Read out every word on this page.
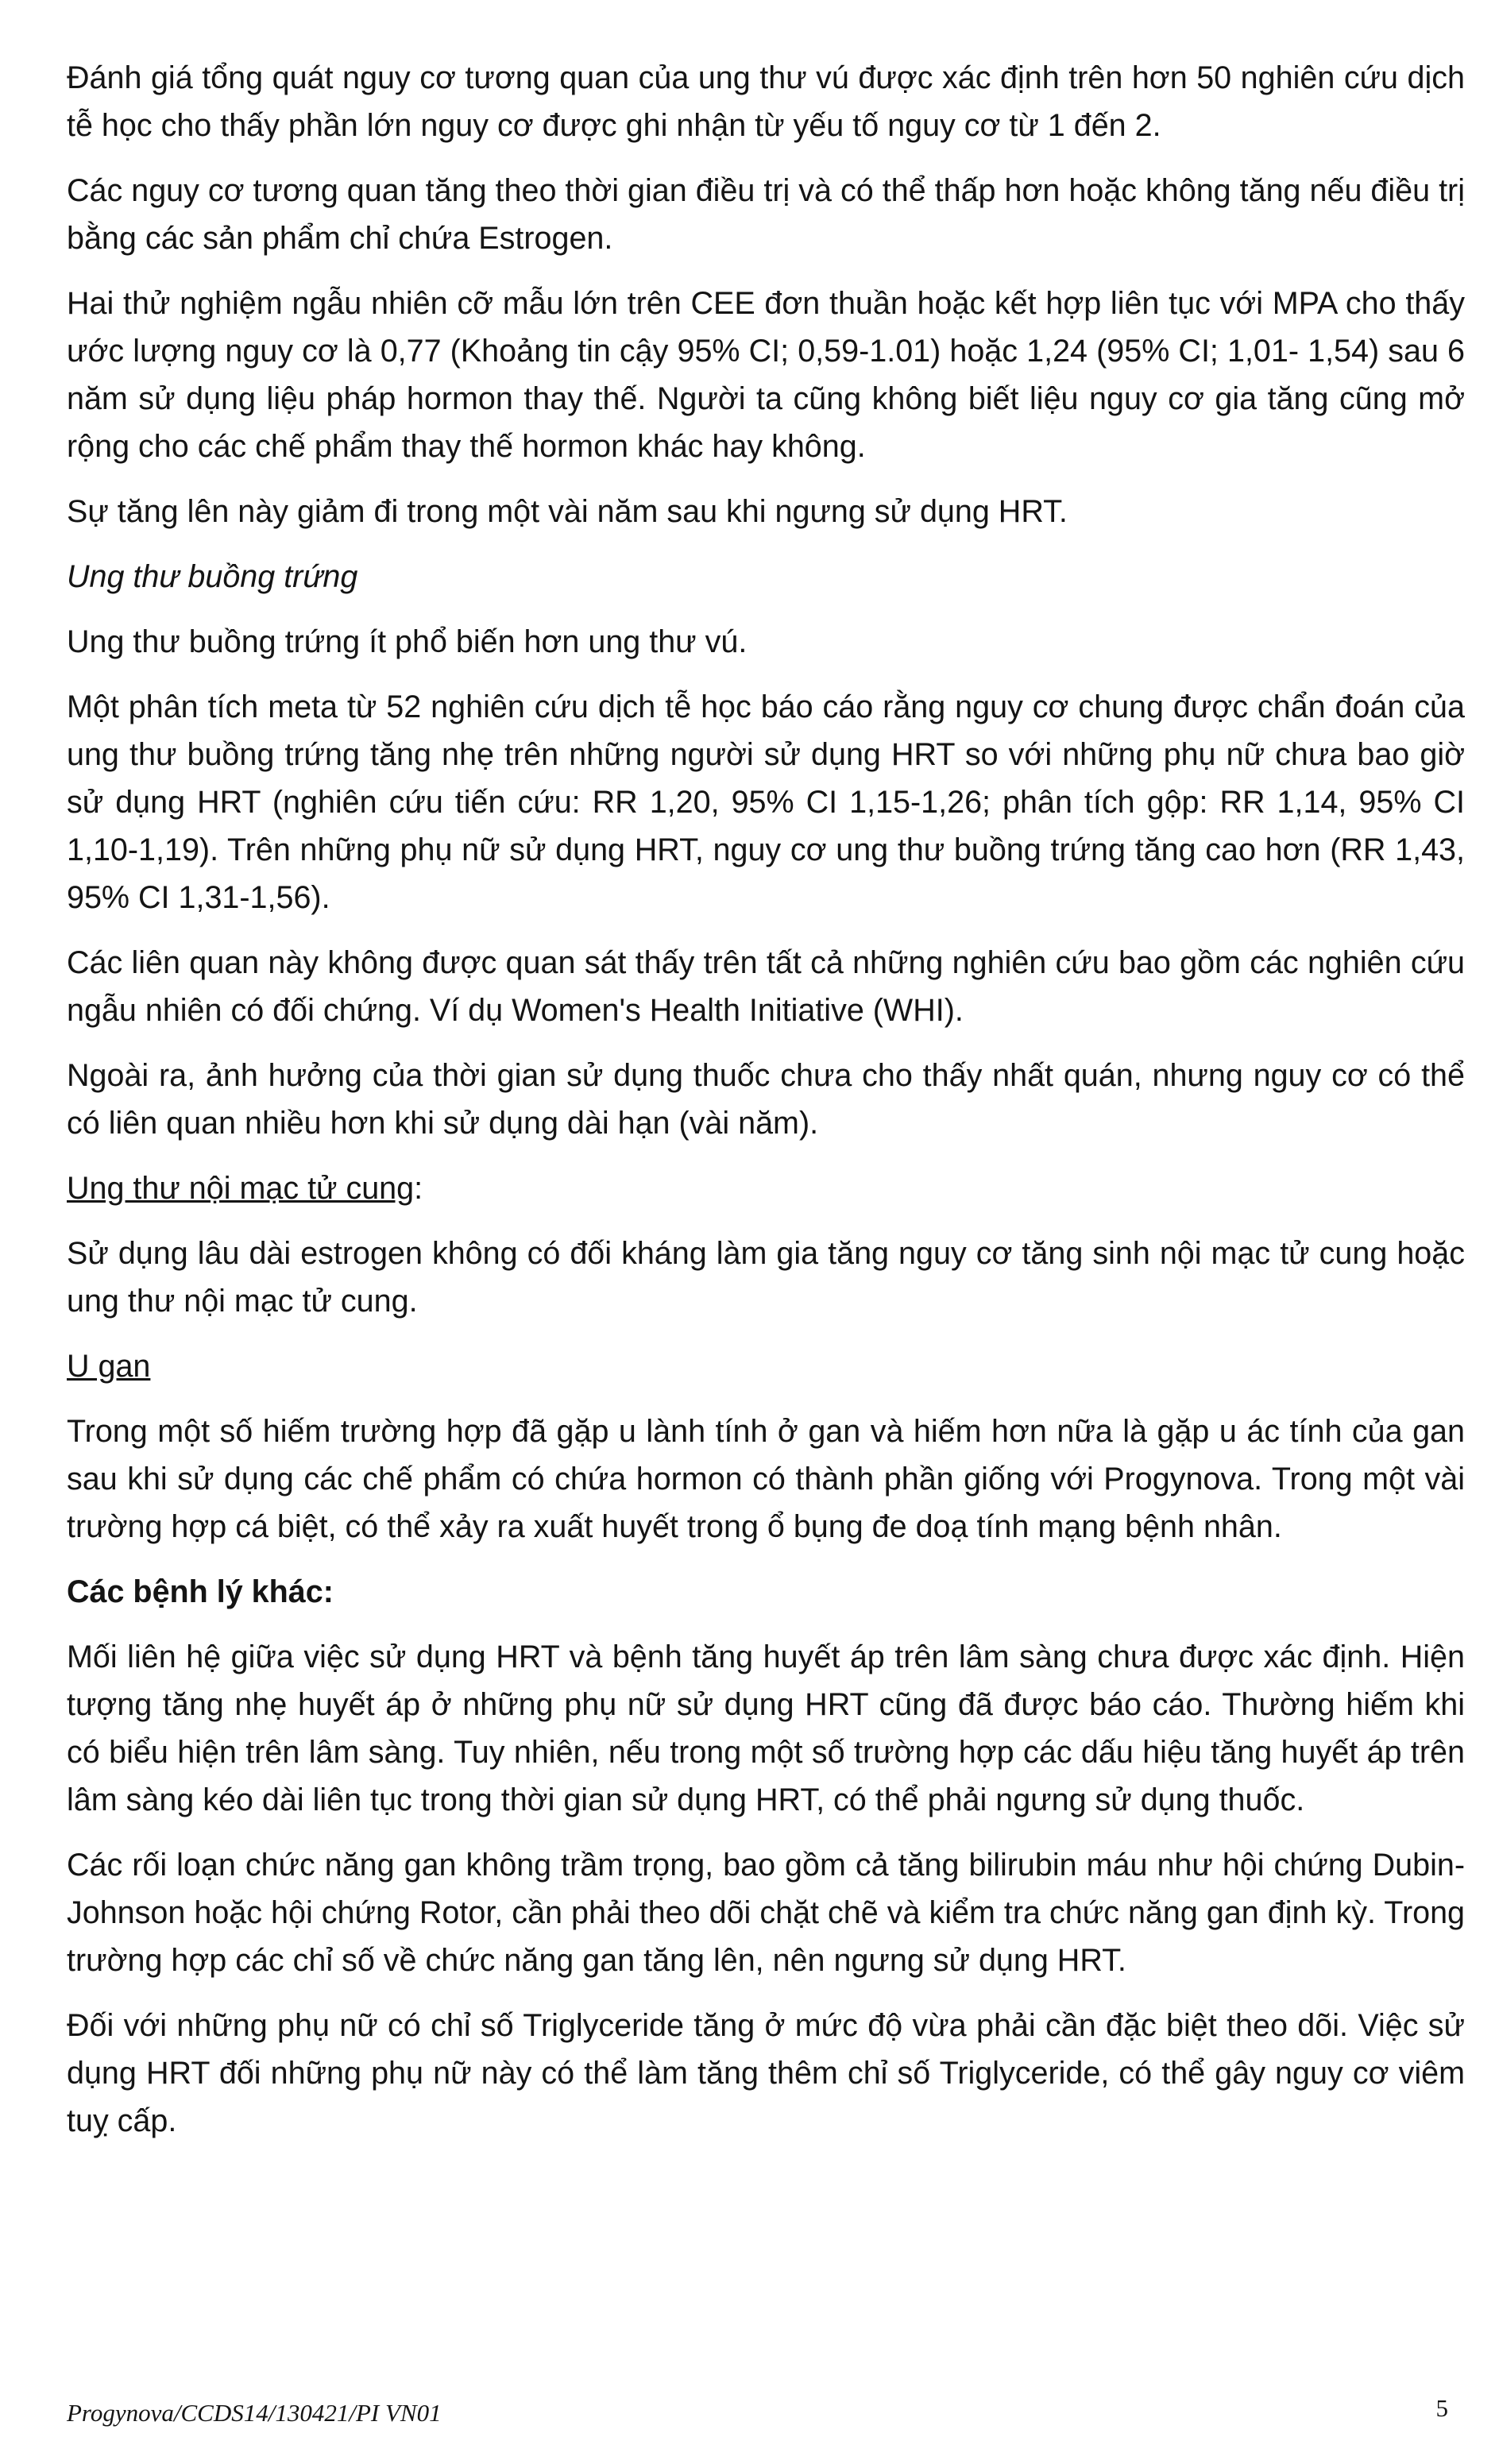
Đánh giá tổng quát nguy cơ tương quan của ung thư vú được xác định trên hơn 50 nghiên cứu dịch tễ học cho thấy phần lớn nguy cơ được ghi nhận từ yếu tố nguy cơ từ 1 đến 2.

Các nguy cơ tương quan tăng theo thời gian điều trị và có thể thấp hơn hoặc không tăng nếu điều trị bằng các sản phẩm chỉ chứa Estrogen.

Hai thử nghiệm ngẫu nhiên cỡ mẫu lớn trên CEE đơn thuần hoặc kết hợp liên tục với MPA cho thấy ước lượng nguy cơ là 0,77 (Khoảng tin cậy 95% CI; 0,59-1.01) hoặc 1,24 (95% CI; 1,01- 1,54) sau 6 năm sử dụng liệu pháp hormon thay thế. Người ta cũng không biết liệu nguy cơ gia tăng cũng mở rộng cho các chế phẩm thay thế hormon khác hay không.

Sự tăng lên này giảm đi trong một vài năm sau khi ngưng sử dụng HRT.

Ung thư buồng trứng

Ung thư buồng trứng ít phổ biến hơn ung thư vú.

Một phân tích meta từ 52 nghiên cứu dịch tễ học báo cáo rằng nguy cơ chung được chẩn đoán của ung thư buồng trứng tăng nhẹ trên những người sử dụng HRT so với những phụ nữ chưa bao giờ sử dụng HRT (nghiên cứu tiến cứu: RR 1,20, 95% CI 1,15-1,26; phân tích gộp: RR 1,14, 95% CI 1,10-1,19). Trên những phụ nữ sử dụng HRT, nguy cơ ung thư buồng trứng tăng cao hơn (RR 1,43, 95% CI 1,31-1,56).

Các liên quan này không được quan sát thấy trên tất cả những nghiên cứu bao gồm các nghiên cứu ngẫu nhiên có đối chứng. Ví dụ Women's Health Initiative (WHI).

Ngoài ra, ảnh hưởng của thời gian sử dụng thuốc chưa cho thấy nhất quán, nhưng nguy cơ có thể có liên quan nhiều hơn khi sử dụng dài hạn (vài năm).

Ung thư nội mạc tử cung:

Sử dụng lâu dài estrogen không có đối kháng làm gia tăng nguy cơ tăng sinh nội mạc tử cung hoặc ung thư nội mạc tử cung.

U gan

Trong một số hiếm trường hợp đã gặp u lành tính ở gan và hiếm hơn nữa là gặp u ác tính của gan sau khi sử dụng các chế phẩm có chứa hormon có thành phần giống với Progynova. Trong một vài trường hợp cá biệt, có thể xảy ra xuất huyết trong ổ bụng đe doạ tính mạng bệnh nhân.

Các bệnh lý khác:

Mối liên hệ giữa việc sử dụng HRT và bệnh tăng huyết áp trên lâm sàng chưa được xác định. Hiện tượng tăng nhẹ huyết áp ở những phụ nữ sử dụng HRT cũng đã được báo cáo. Thường hiếm khi có biểu hiện trên lâm sàng. Tuy nhiên, nếu trong một số trường hợp các dấu hiệu tăng huyết áp trên lâm sàng kéo dài liên tục trong thời gian sử dụng HRT, có thể phải ngưng sử dụng thuốc.

Các rối loạn chức năng gan không trầm trọng, bao gồm cả tăng bilirubin máu như hội chứng Dubin- Johnson hoặc hội chứng Rotor, cần phải theo dõi chặt chẽ và kiểm tra chức năng gan định kỳ. Trong trường hợp các chỉ số về chức năng gan tăng lên, nên ngưng sử dụng HRT.

Đối với những phụ nữ có chỉ số Triglyceride tăng ở mức độ vừa phải cần đặc biệt theo dõi. Việc sử dụng HRT đối những phụ nữ này có thể làm tăng thêm chỉ số Triglyceride, có thể gây nguy cơ viêm tuỵ cấp.

Progynova/CCDS14/130421/PI VN01	5
